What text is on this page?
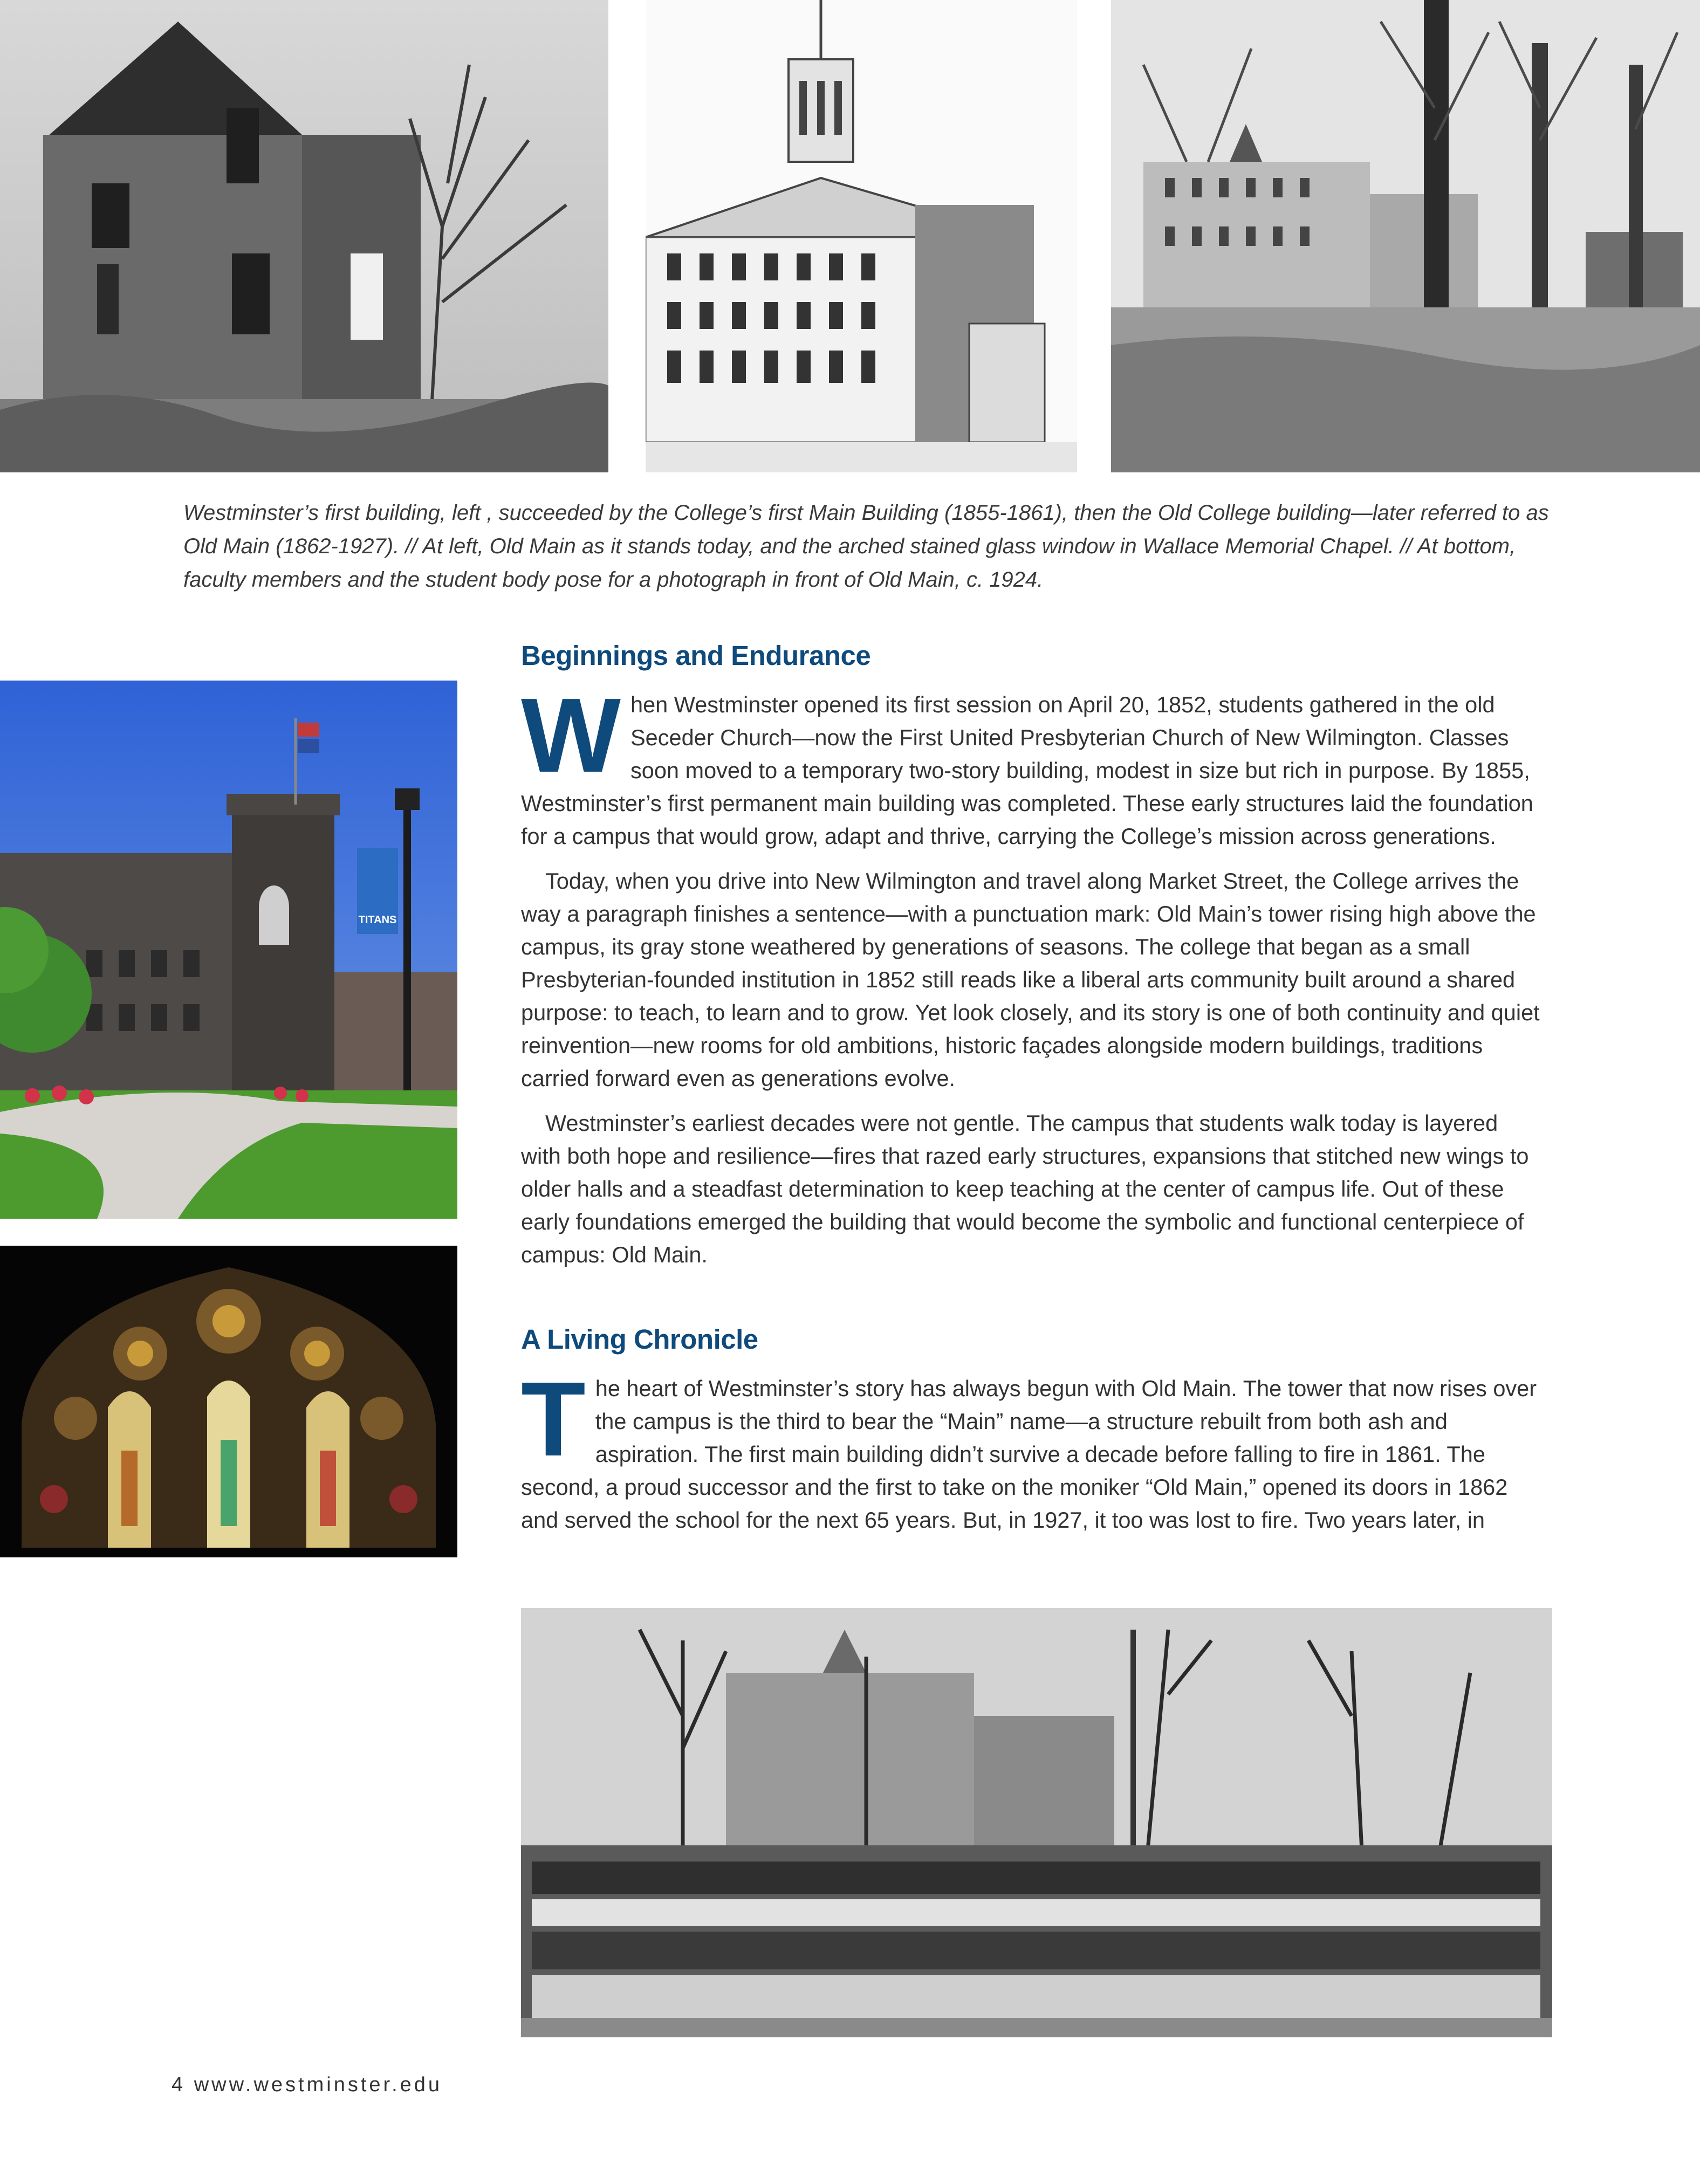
Westminster’s first building, left , succeeded by the College’s first Main Building (1855-1861), then the Old College building—later referred to as Old Main (1862-1927). // At left, Old Main as it stands today, and the arched stained glass window in Wallace Memorial Chapel. // At bottom, faculty members and the student body pose for a photograph in front of Old Main, c. 1924.

TITANS
Beginnings and Endurance

When Westminster opened its first session on April 20, 1852, students gathered in the old Seceder Church—now the First United Presbyterian Church of New Wilmington. Classes soon moved to a temporary two-story building, modest in size but rich in purpose. By 1855, Westminster’s first permanent main building was completed. These early structures laid the foundation for a campus that would grow, adapt and thrive, carrying the College’s mission across generations.

Today, when you drive into New Wilmington and travel along Market Street, the College arrives the way a paragraph finishes a sentence—with a punctuation mark: Old Main’s tower rising high above the campus, its gray stone weathered by generations of seasons. The college that began as a small Presbyterian-founded institution in 1852 still reads like a liberal arts community built around a shared purpose: to teach, to learn and to grow. Yet look closely, and its story is one of both continuity and quiet reinvention—new rooms for old ambitions, historic façades alongside modern buildings, traditions carried forward even as generations evolve.

Westminster’s earliest decades were not gentle. The campus that students walk today is layered with both hope and resilience—fires that razed early structures, expansions that stitched new wings to older halls and a steadfast determination to keep teaching at the center of campus life. Out of these early foundations emerged the building that would become the symbolic and functional centerpiece of campus: Old Main.

A Living Chronicle

The heart of Westminster’s story has always begun with Old Main. The tower that now rises over the campus is the third to bear the “Main” name—a structure rebuilt from both ash and aspiration. The first main building didn’t survive a decade before falling to fire in 1861. The second, a proud successor and the first to take on the moniker “Old Main,” opened its doors in 1862 and served the school for the next 65 years. But, in 1927, it too was lost to fire. Two years later, in

4 www.westminster.edu
